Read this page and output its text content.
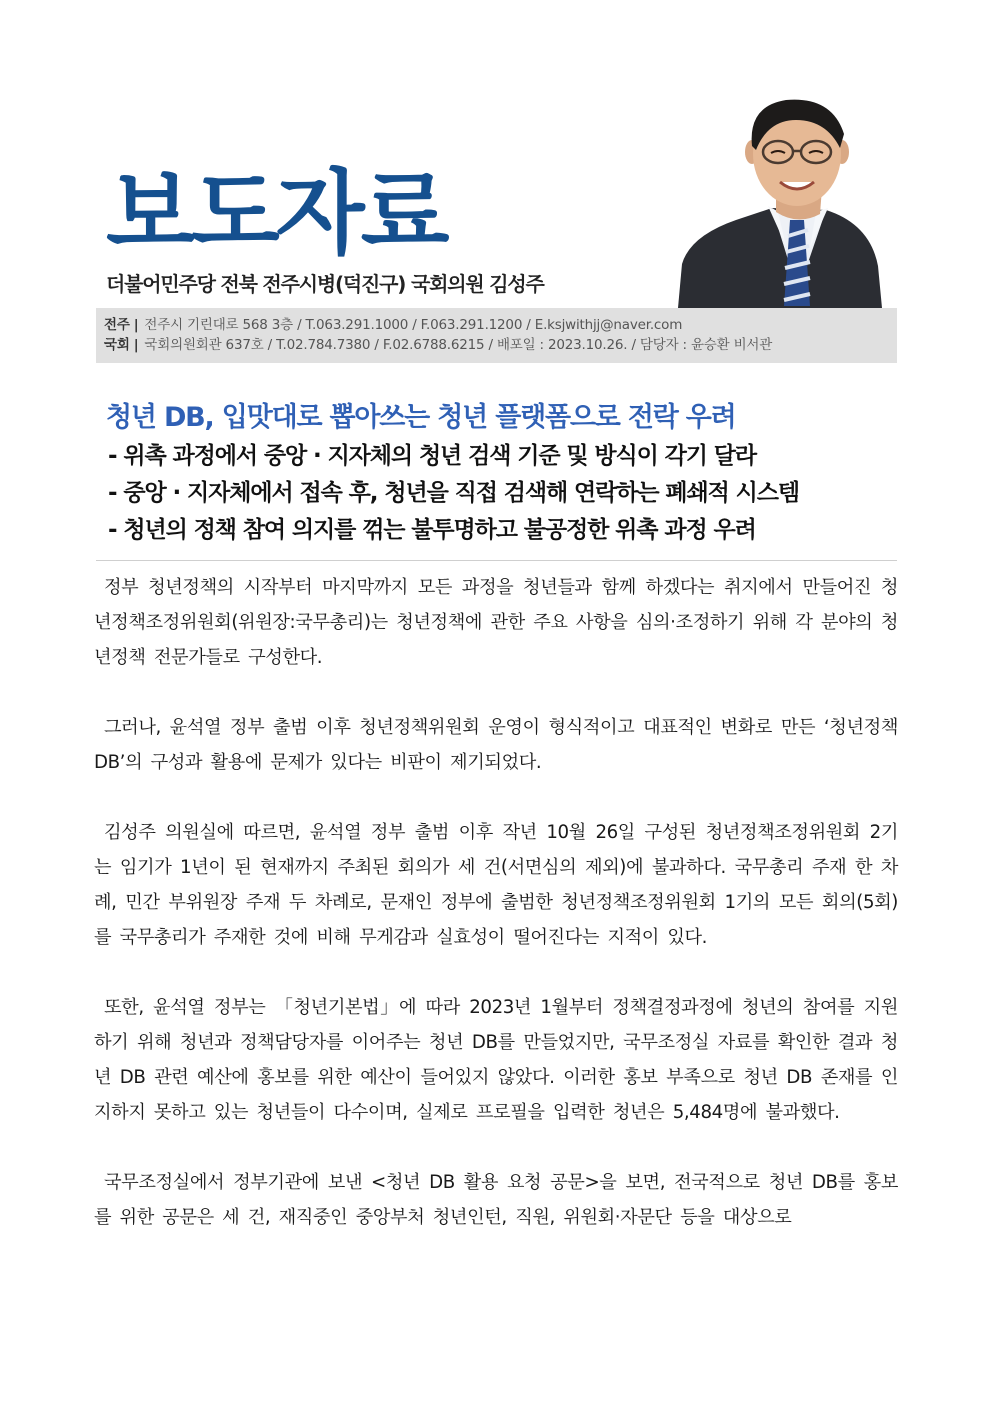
보도자료
더불어민주당 전북 전주시병(덕진구) 국회의원 김성주
전주 | 전주시 기린대로 568 3층 / T.063.291.1000 / F.063.291.1200 / E.ksjwithjj@naver.com
국회 | 국회의원회관 637호 / T.02.784.7380 / F.02.6788.6215 / 배포일 : 2023.10.26. / 담당자 : 윤승환 비서관
청년 DB, 입맛대로 뽑아쓰는 청년 플랫폼으로 전락 우려
- 위촉 과정에서 중앙 · 지자체의 청년 검색 기준 및 방식이 각기 달라
- 중앙 · 지자체에서 접속 후, 청년을 직접 검색해 연락하는 폐쇄적 시스템
- 청년의 정책 참여 의지를 꺾는 불투명하고 불공정한 위촉 과정 우려

정부 청년정책의 시작부터 마지막까지 모든 과정을 청년들과 함께 하겠다는 취지에서 만들어진 청년정책조정위원회(위원장:국무총리)는 청년정책에 관한 주요 사항을 심의·조정하기 위해 각 분야의 청년정책 전문가들로 구성한다.

그러나, 윤석열 정부 출범 이후 청년정책위원회 운영이 형식적이고 대표적인 변화로 만든 ‘청년정책DB’의 구성과 활용에 문제가 있다는 비판이 제기되었다.

김성주 의원실에 따르면, 윤석열 정부 출범 이후 작년 10월 26일 구성된 청년정책조정위원회 2기는 임기가 1년이 된 현재까지 주최된 회의가 세 건(서면심의 제외)에 불과하다. 국무총리 주재 한 차례, 민간 부위원장 주재 두 차례로, 문재인 정부에 출범한 청년정책조정위원회 1기의 모든 회의(5회)를 국무총리가 주재한 것에 비해 무게감과 실효성이 떨어진다는 지적이 있다.

또한, 윤석열 정부는 「청년기본법」에 따라 2023년 1월부터 정책결정과정에 청년의 참여를 지원하기 위해 청년과 정책담당자를 이어주는 청년 DB를 만들었지만, 국무조정실 자료를 확인한 결과 청년 DB 관련 예산에 홍보를 위한 예산이 들어있지 않았다. 이러한 홍보 부족으로 청년 DB 존재를 인지하지 못하고 있는 청년들이 다수이며, 실제로 프로필을 입력한 청년은 5,484명에 불과했다.

국무조정실에서 정부기관에 보낸 <청년 DB 활용 요청 공문>을 보면, 전국적으로 청년 DB를 홍보를 위한 공문은 세 건, 재직중인 중앙부처 청년인턴, 직원, 위원회·자문단 등을 대상으로
